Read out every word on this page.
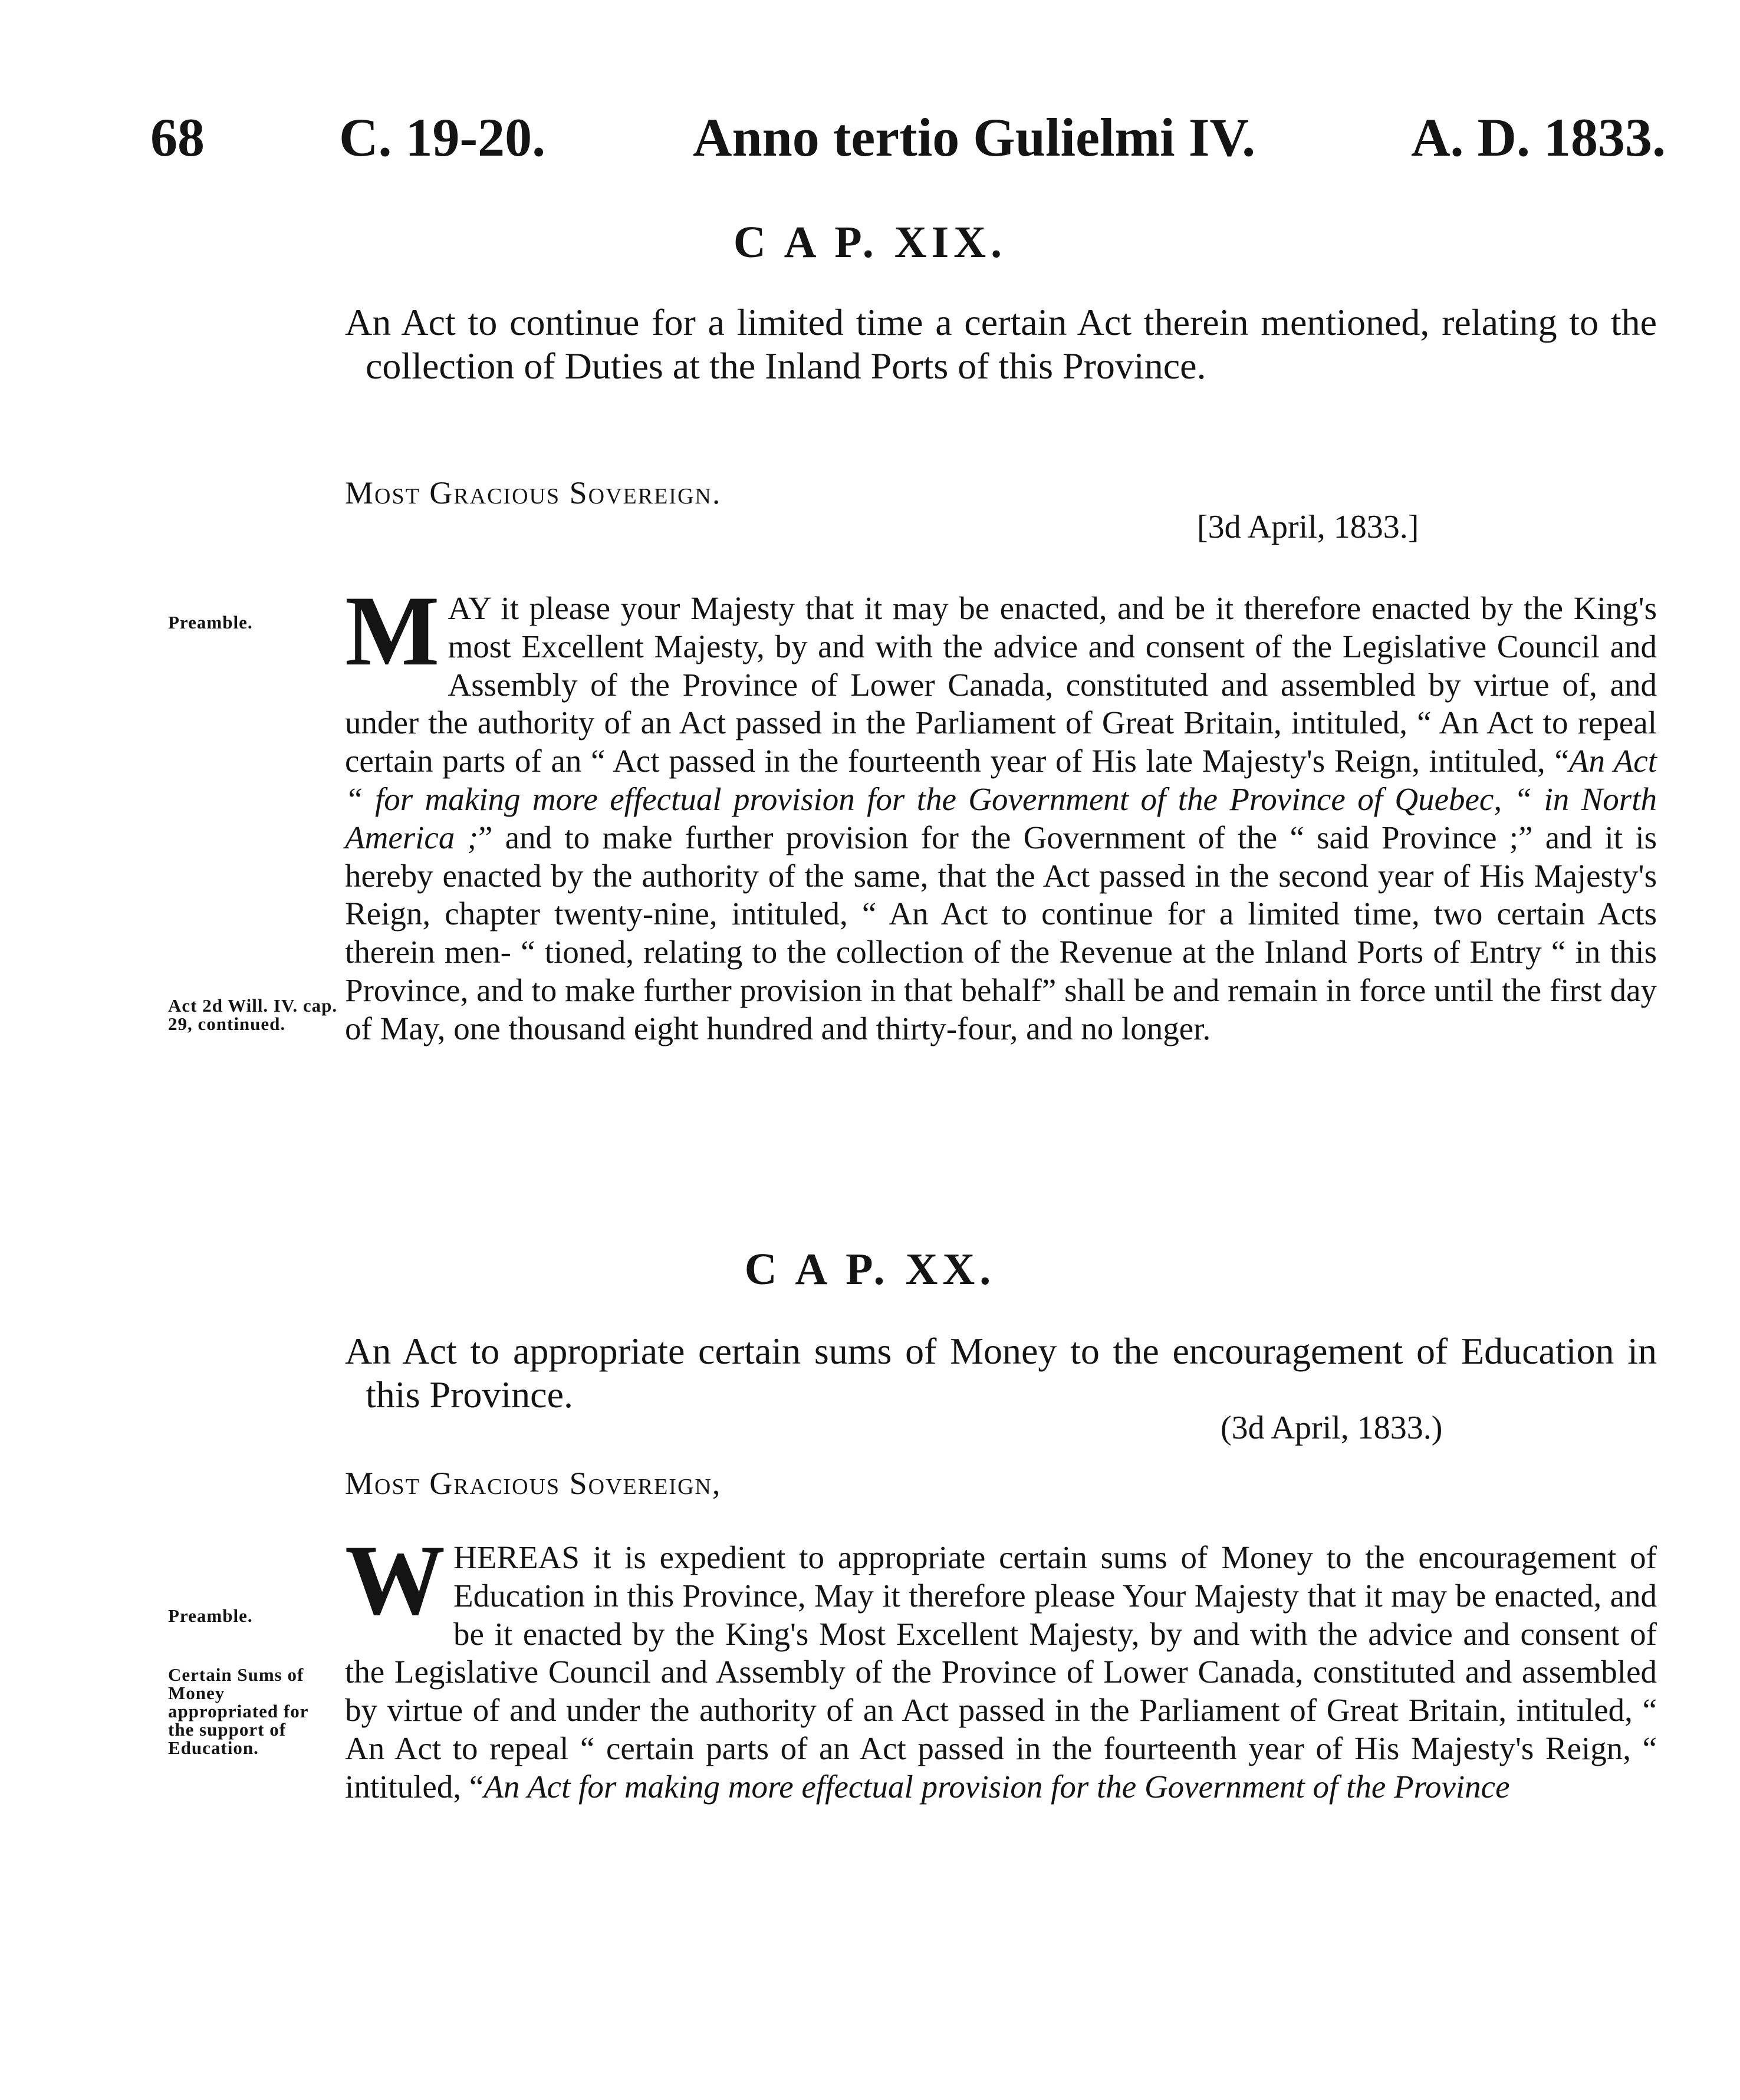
68 C. 19-20.	Anno tertio Gulielmi IV.	A. D. 1833.
C A P. XIX.
An Act to continue for a limited time a certain Act therein mentioned, relating to the collection of Duties at the Inland Ports of this Province.
Most Gracious Sovereign.
[3d April, 1833.]
Preamble.
Act 2d Will. IV. cap. 29, continued.
MAY it please your Majesty that it may be enacted, and be it therefore enacted by the King's most Excellent Majesty, by and with the advice and consent of the Legislative Council and Assembly of the Province of Lower Canada, constituted and assembled by virtue of, and under the authority of an Act passed in the Parliament of Great Britain, intituled, “ An Act to repeal certain parts of an “ Act passed in the fourteenth year of His late Majesty's Reign, intituled, “An Act “ for making more effectual provision for the Government of the Province of Quebec, “ in North America ;” and to make further provision for the Government of the “ said Province ;” and it is hereby enacted by the authority of the same, that the Act passed in the second year of His Majesty's Reign, chapter twenty-nine, intituled, “ An Act to continue for a limited time, two certain Acts therein men- “ tioned, relating to the collection of the Revenue at the Inland Ports of Entry “ in this Province, and to make further provision in that behalf” shall be and remain in force until the first day of May, one thousand eight hundred and thirty-four, and no longer.
C A P. XX.
An Act to appropriate certain sums of Money to the encouragement of Education in this Province.
(3d April, 1833.)
Most Gracious Sovereign,
Preamble.
Certain Sums of Money appropriated for the support of Education.
WHEREAS it is expedient to appropriate certain sums of Money to the encouragement of Education in this Province, May it therefore please Your Majesty that it may be enacted, and be it enacted by the King's Most Excellent Majesty, by and with the advice and consent of the Legislative Council and Assembly of the Province of Lower Canada, constituted and assembled by virtue of and under the authority of an Act passed in the Parliament of Great Britain, intituled, “ An Act to repeal “ certain parts of an Act passed in the fourteenth year of His Majesty's Reign, “ intituled, “An Act for making more effectual provision for the Government of the Province
